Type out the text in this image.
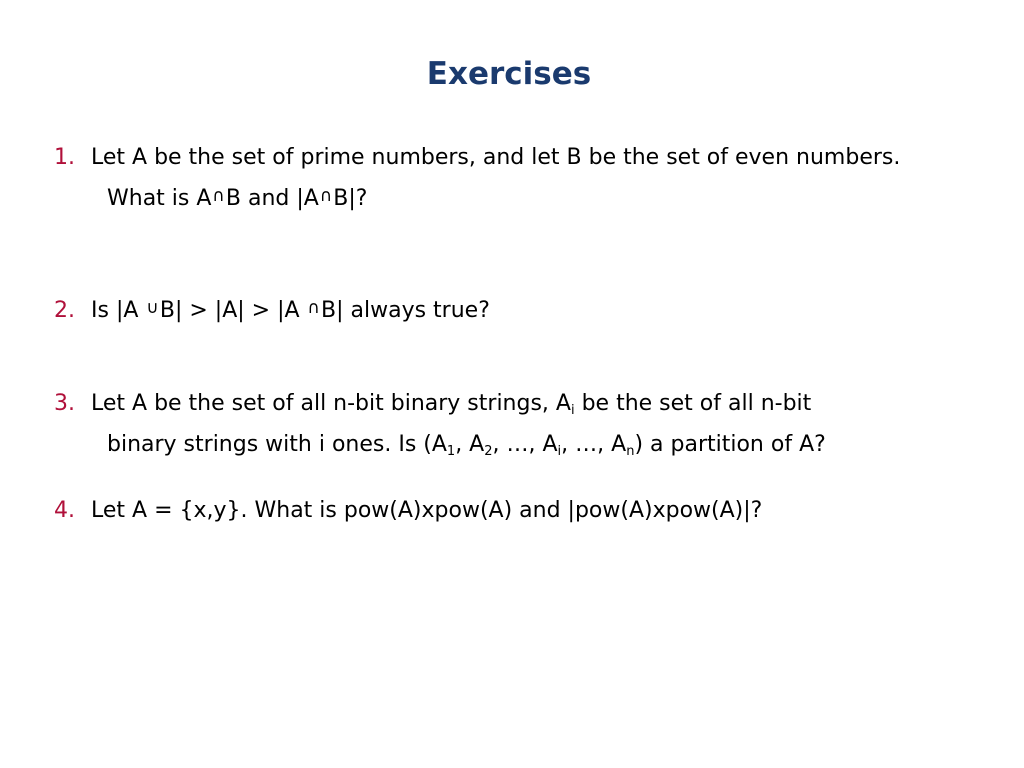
Exercises
1. Let A be the set of prime numbers, and let B be the set of even numbers.
What is A∩B and |A∩B|?
2. Is |A ∪B| > |A| > |A ∩B| always true?
3. Let A be the set of all n-bit binary strings, $A_i$ be the set of all n-bit
binary strings with i ones. Is ($A_1$, $A_2$, …, $A_i$, …, $A_n$) a partition of A?
4. Let A = {x,y}. What is pow(A)xpow(A) and |pow(A)xpow(A)|?
